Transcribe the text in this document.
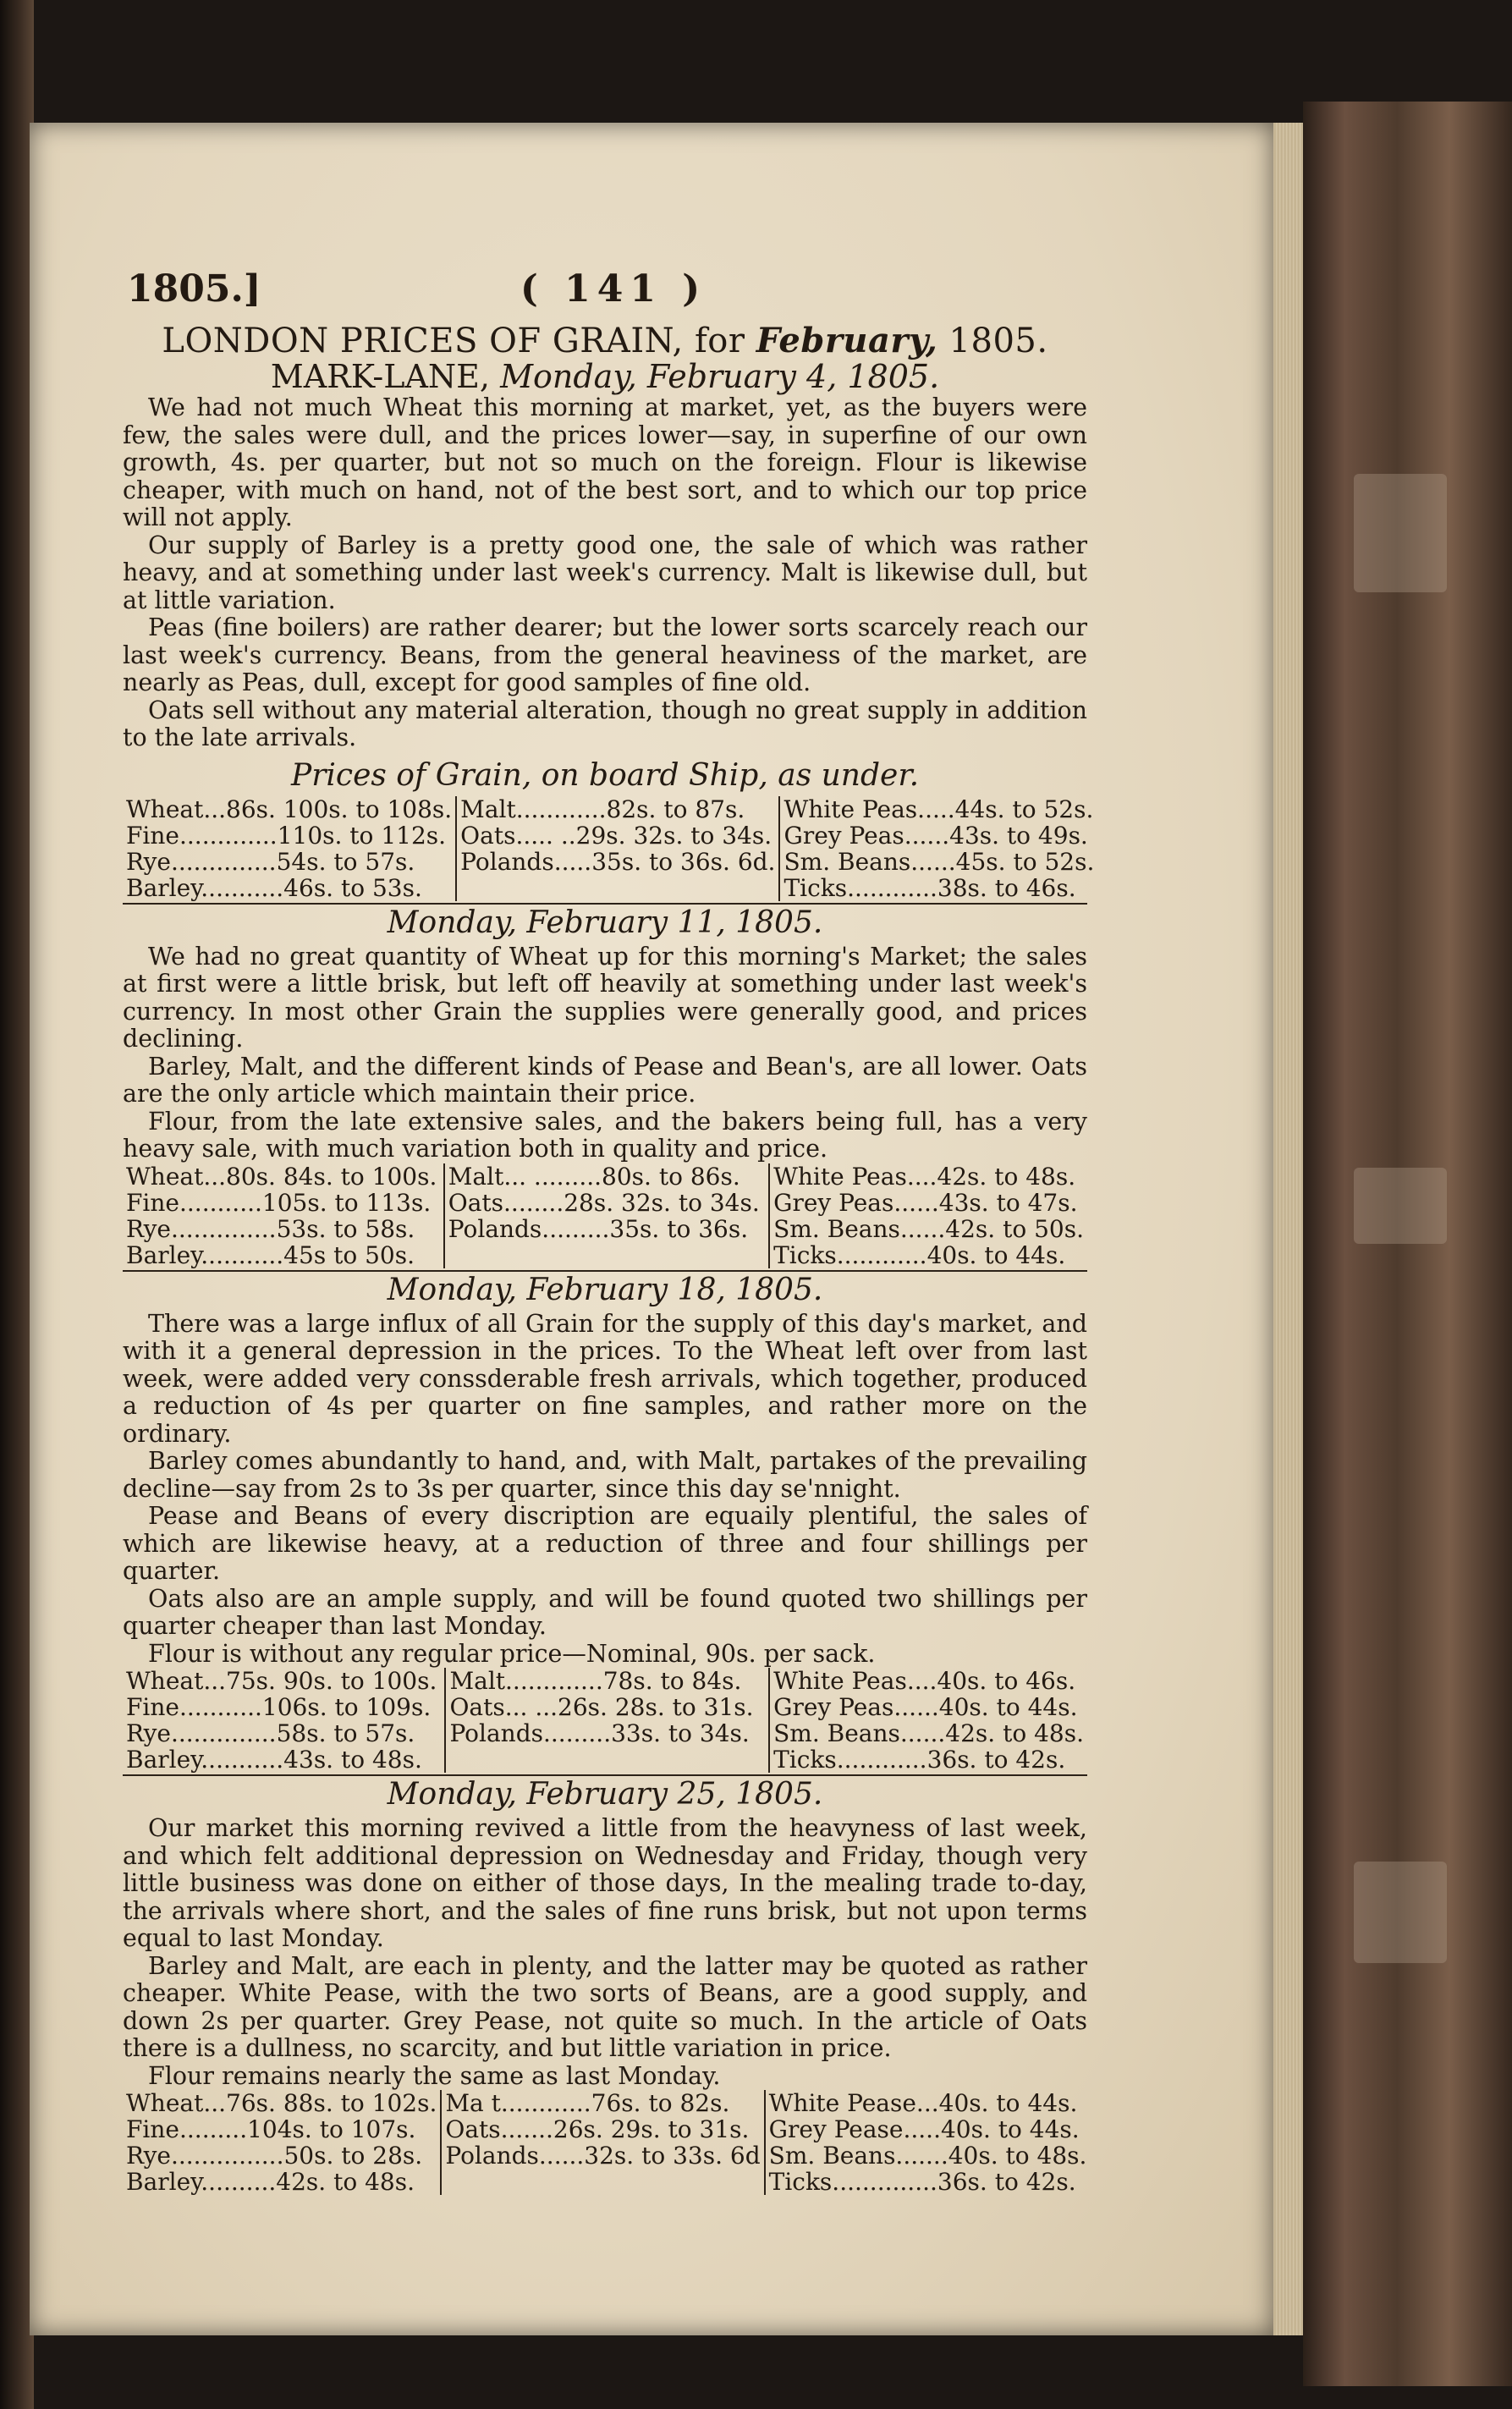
1805.]	( 141 )
LONDON PRICES OF GRAIN, for February, 1805.
MARK-LANE, Monday, February 4, 1805.

We had not much Wheat this morning at market, yet, as the buyers were few, the sales were dull, and the prices lower—say, in superfine of our own growth, 4s. per quarter, but not so much on the foreign. Flour is likewise cheaper, with much on hand, not of the best sort, and to which our top price will not apply.

Our supply of Barley is a pretty good one, the sale of which was rather heavy, and at something under last week's currency. Malt is likewise dull, but at little variation.

Peas (fine boilers) are rather dearer; but the lower sorts scarcely reach our last week's currency. Beans, from the general heaviness of the market, are nearly as Peas, dull, except for good samples of fine old.

Oats sell without any material alteration, though no great supply in addition to the late arrivals.

Prices of Grain, on board Ship, as under.
Wheat...86s. 100s. to 108s.	Malt............82s. to 87s.	White Peas.....44s. to 52s.
Fine.............110s. to 112s.	Oats..... ..29s. 32s. to 34s.	Grey Peas......43s. to 49s.
Rye..............54s. to 57s.	Polands.....35s. to 36s. 6d.	Sm. Beans......45s. to 52s.
Barley...........46s. to 53s.		Ticks............38s. to 46s.
Monday, February 11, 1805.

We had no great quantity of Wheat up for this morning's Market; the sales at first were a little brisk, but left off heavily at something under last week's currency. In most other Grain the supplies were generally good, and prices declining.

Barley, Malt, and the different kinds of Pease and Bean's, are all lower. Oats are the only article which maintain their price.

Flour, from the late extensive sales, and the bakers being full, has a very heavy sale, with much variation both in quality and price.

Wheat...80s. 84s. to 100s.	Malt... .........80s. to 86s.	White Peas....42s. to 48s.
Fine...........105s. to 113s.	Oats........28s. 32s. to 34s.	Grey Peas......43s. to 47s.
Rye..............53s. to 58s.	Polands.........35s. to 36s.	Sm. Beans......42s. to 50s.
Barley...........45s to 50s.		Ticks............40s. to 44s.
Monday, February 18, 1805.

There was a large influx of all Grain for the supply of this day's market, and with it a general depression in the prices. To the Wheat left over from last week, were added very conssderable fresh arrivals, which together, produced a reduction of 4s per quarter on fine samples, and rather more on the ordinary.

Barley comes abundantly to hand, and, with Malt, partakes of the prevailing decline—say from 2s to 3s per quarter, since this day se'nnight.

Pease and Beans of every discription are equaily plentiful, the sales of which are likewise heavy, at a reduction of three and four shillings per quarter.

Oats also are an ample supply, and will be found quoted two shillings per quarter cheaper than last Monday.

Flour is without any regular price—Nominal, 90s. per sack.

Wheat...75s. 90s. to 100s.	Malt.............78s. to 84s.	White Peas....40s. to 46s.
Fine...........106s. to 109s.	Oats... ...26s. 28s. to 31s.	Grey Peas......40s. to 44s.
Rye..............58s. to 57s.	Polands.........33s. to 34s.	Sm. Beans......42s. to 48s.
Barley...........43s. to 48s.		Ticks............36s. to 42s.
Monday, February 25, 1805.

Our market this morning revived a little from the heavyness of last week, and which felt additional depression on Wednesday and Friday, though very little business was done on either of those days, In the mealing trade to-day, the arrivals where short, and the sales of fine runs brisk, but not upon terms equal to last Monday.

Barley and Malt, are each in plenty, and the latter may be quoted as rather cheaper. White Pease, with the two sorts of Beans, are a good supply, and down 2s per quarter. Grey Pease, not quite so much. In the article of Oats there is a dullness, no scarcity, and but little variation in price.

Flour remains nearly the same as last Monday.

Wheat...76s. 88s. to 102s.	Ma t............76s. to 82s.	White Pease...40s. to 44s.
Fine.........104s. to 107s.	Oats.......26s. 29s. to 31s.	Grey Pease.....40s. to 44s.
Rye...............50s. to 28s.	Polands......32s. to 33s. 6d	Sm. Beans.......40s. to 48s.
Barley..........42s. to 48s.		Ticks..............36s. to 42s.
